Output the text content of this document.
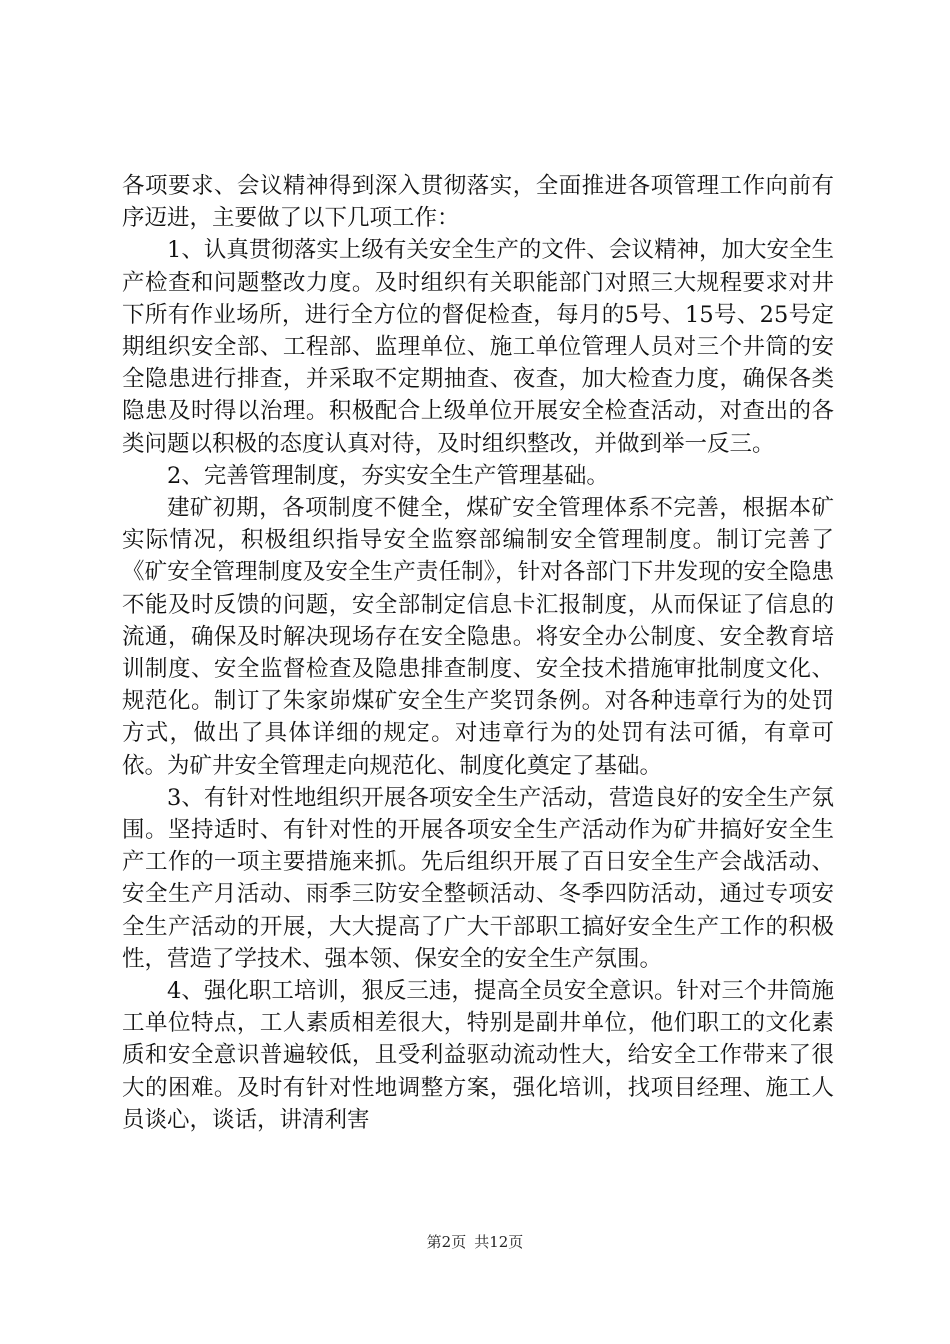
各项要求、会议精神得到深入贯彻落实，全面推进各项管理工作向前有序迈进，主要做了以下几项工作：

1、认真贯彻落实上级有关安全生产的文件、会议精神，加大安全生产检查和问题整改力度。及时组织有关职能部门对照三大规程要求对井下所有作业场所，进行全方位的督促检查，每月的5号、15号、25号定期组织安全部、工程部、监理单位、施工单位管理人员对三个井筒的安全隐患进行排查，并采取不定期抽查、夜查，加大检查力度，确保各类隐患及时得以治理。积极配合上级单位开展安全检查活动，对查出的各类问题以积极的态度认真对待，及时组织整改，并做到举一反三。

2、完善管理制度，夯实安全生产管理基础。

建矿初期，各项制度不健全，煤矿安全管理体系不完善，根据本矿实际情况，积极组织指导安全监察部编制安全管理制度。制订完善了《矿安全管理制度及安全生产责任制》，针对各部门下井发现的安全隐患不能及时反馈的问题，安全部制定信息卡汇报制度，从而保证了信息的流通，确保及时解决现场存在安全隐患。将安全办公制度、安全教育培训制度、安全监督检查及隐患排查制度、安全技术措施审批制度文化、规范化。制订了朱家峁煤矿安全生产奖罚条例。对各种违章行为的处罚方式，做出了具体详细的规定。对违章行为的处罚有法可循，有章可依。为矿井安全管理走向规范化、制度化奠定了基础。

3、有针对性地组织开展各项安全生产活动，营造良好的安全生产氛围。坚持适时、有针对性的开展各项安全生产活动作为矿井搞好安全生产工作的一项主要措施来抓。先后组织开展了百日安全生产会战活动、安全生产月活动、雨季三防安全整顿活动、冬季四防活动，通过专项安全生产活动的开展，大大提高了广大干部职工搞好安全生产工作的积极性，营造了学技术、强本领、保安全的安全生产氛围。

4、强化职工培训，狠反三违，提高全员安全意识。针对三个井筒施工单位特点，工人素质相差很大，特别是副井单位，他们职工的文化素质和安全意识普遍较低，且受利益驱动流动性大，给安全工作带来了很大的困难。及时有针对性地调整方案，强化培训，找项目经理、施工人员谈心，谈话，讲清利害

第2页 共12页
